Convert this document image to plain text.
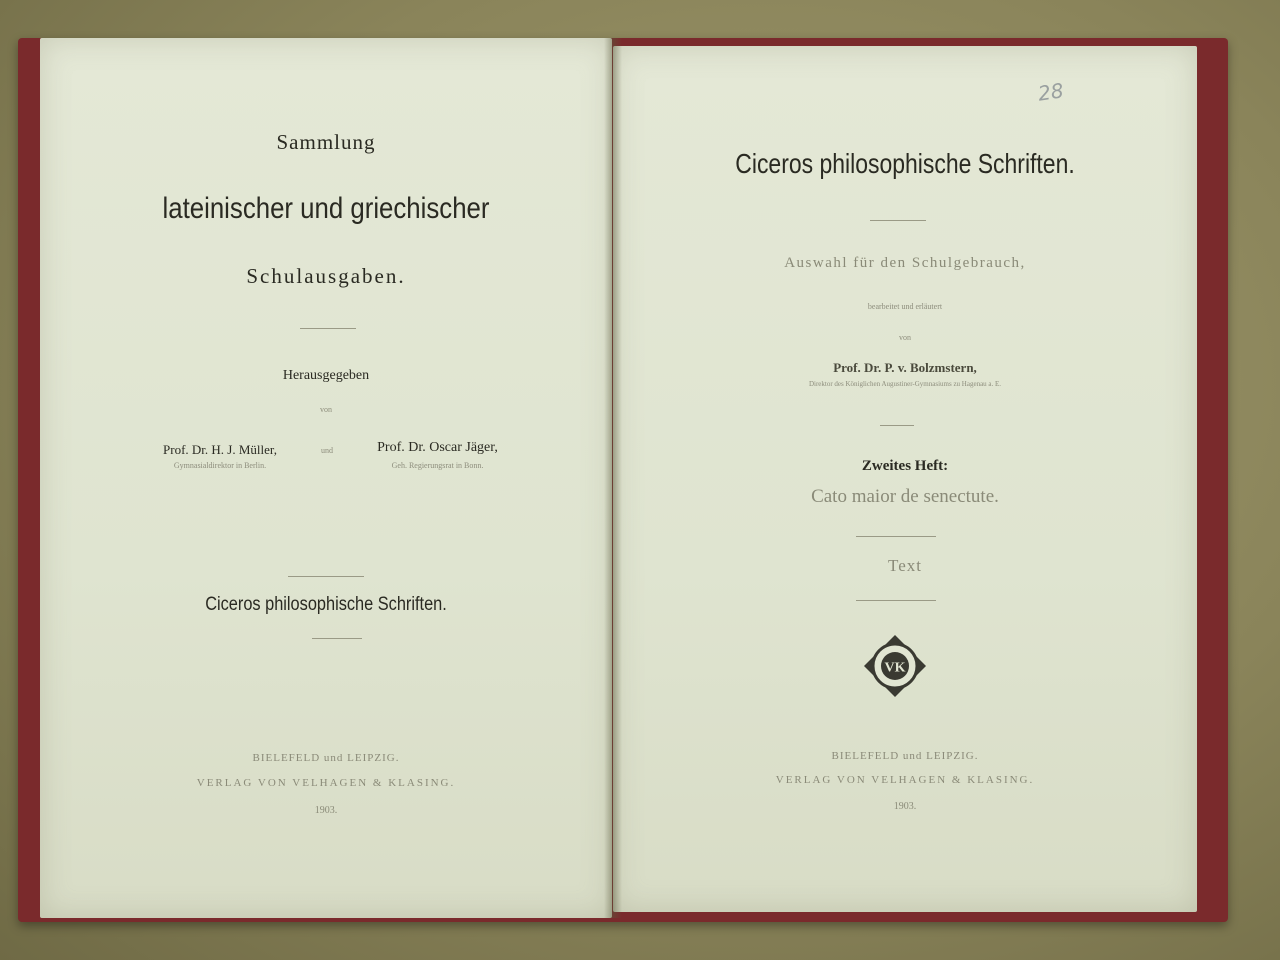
Sammlung
lateinischer und griechischer
Schulausgaben.
Herausgegeben
von
Prof. Dr. H. J. Müller,
Gymnasialdirektor in Berlin.
und	Prof. Dr. Oscar Jäger,
Geh. Regierungsrat in Bonn.
Ciceros philosophische Schriften.
BIELEFELD und LEIPZIG.
VERLAG VON VELHAGEN & KLASING.
1903.
28
Ciceros philosophische Schriften.
Auswahl für den Schulgebrauch,
bearbeitet und erläutert
von
Prof. Dr. P. v. Bolzmstern,
Direktor des Königlichen Augustiner-Gymnasiums zu Hagenau a. E.
Zweites Heft:
Cato maior de senectute.
Text
VK
BIELEFELD und LEIPZIG.
VERLAG VON VELHAGEN & KLASING.
1903.
